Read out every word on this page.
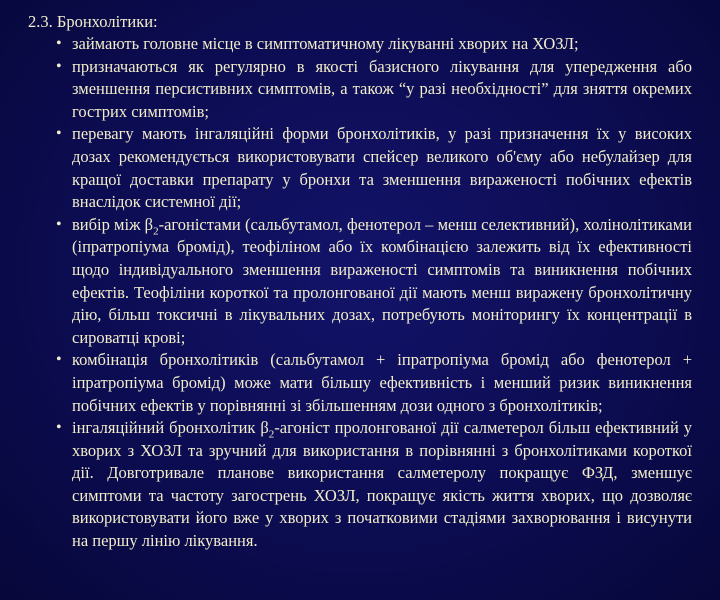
2.3. Бронхолітики:

• займають головне місце в симптоматичному лікуванні хворих на ХОЗЛ;
• призначаються як регулярно в якості базисного лікування для упередження або зменшення персистивних симптомів, а також “у разі необхідності” для зняття окремих гострих симптомів;
• перевагу мають інгаляційні форми бронхолітиків, у разі призначення їх у високих дозах рекомендується використовувати спейсер великого об'єму або небулайзер для кращої доставки препарату у бронхи та зменшення вираженості побічних ефектів внаслідок системної дії;
• вибір між $\beta_2$-агоністами (сальбутамол, фенотерол – менш селективний), холінолітиками (іпратропіума бромід), теофіліном або їх комбінацією залежить від їх ефективності щодо індивідуального зменшення вираженості симптомів та виникнення побічних ефектів. Теофіліни короткої та пролонгованої дії мають менш виражену бронхолітичну дію, більш токсичні в лікувальних дозах, потребують моніторингу їх концентрації в сироватці крові;
• комбінація бронхолітиків (сальбутамол + іпратропіума бромід або фенотерол + іпратропіума бромід) може мати більшу ефективність і менший ризик виникнення побічних ефектів у порівнянні зі збільшенням дози одного з бронхолітиків;
• інгаляційний бронхолітик $\beta_2$-агоніст пролонгованої дії салметерол більш ефективний у хворих з ХОЗЛ та зручний для використання в порівнянні з бронхолітиками короткої дії. Довготривале планове використання салметеролу покращує ФЗД, зменшує симптоми та частоту загострень ХОЗЛ, покращує якість життя хворих, що дозволяє використовувати його вже у хворих з початковими стадіями захворювання і висунути на першу лінію лікування.
